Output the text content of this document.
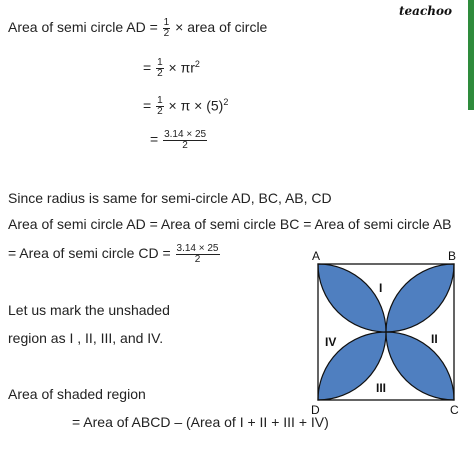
teachoo
Area of semi circle AD = $\frac{1}{2}$ × area of circle
= $\frac{1}{2} \times \pi r^2$
= $\frac{1}{2} \times \pi \times (5)^2$
= $\frac{3.14 \times 25}{2}$
Since radius is same for semi-circle AD, BC, AB, CD
Area of semi circle AD = Area of semi circle BC = Area of semi circle AB
= Area of semi circle CD = $\frac{3.14 \times 25}{2}$
Let us mark the unshaded
region as I , II, III, and IV.
Area of shaded region
= Area of ABCD – (Area of I + II + III + IV)
A	B
C
D
I
II
III
IV
